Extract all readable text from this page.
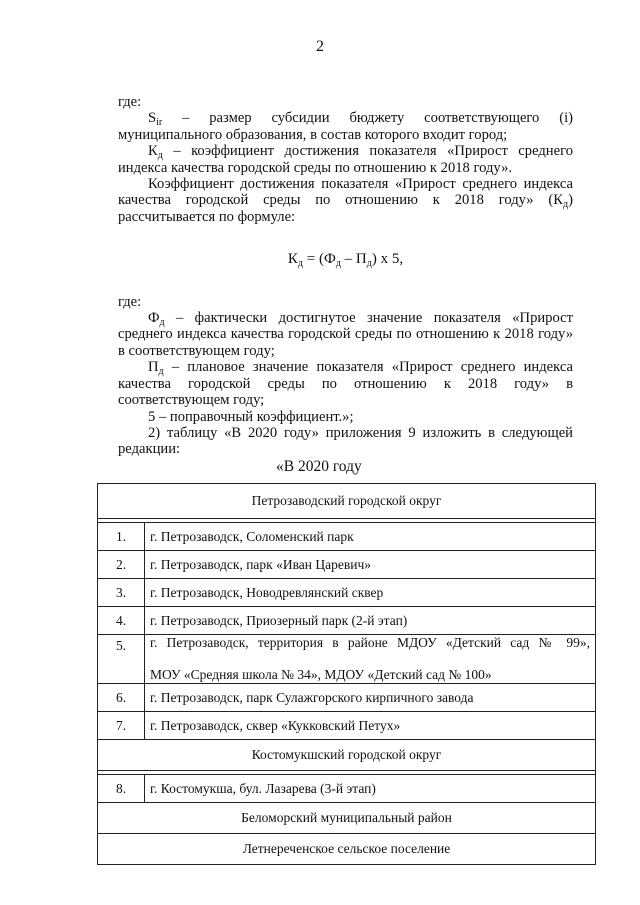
2

где:

$S_{ir}$ – размер субсидии бюджету соответствующего (i) муниципального образования, в состав которого входит город;

$К_д$ – коэффициент достижения показателя «Прирост среднего индекса качества городской среды по отношению к 2018 году».

Коэффициент достижения показателя «Прирост среднего индекса качества городской среды по отношению к 2018 году» $(К_д)$ рассчитывается по формуле:

$К_д = (Ф_д - П_д)$ х 5,

где:

$Ф_д$ – фактически достигнутое значение показателя «Прирост среднего индекса качества городской среды по отношению к 2018 году» в соответствующем году;

$П_д$ – плановое значение показателя «Прирост среднего индекса качества городской среды по отношению к 2018 году» в соответствующем году;

5 – поправочный коэффициент.»;

2) таблицу «В 2020 году» приложения 9 изложить в следующей редакции:

«В 2020 году
Петрозаводский городской округ	

1.	г. Петрозаводск, Соломенский парк
2.	г. Петрозаводск, парк «Иван Царевич»
3.	г. Петрозаводск, Новодревлянский сквер
4.	г. Петрозаводск, Приозерный парк (2-й этап)
5.	г. Петрозаводск, территория в районе МДОУ «Детский сад № 99»,
МОУ «Средняя школа № 34», МДОУ «Детский сад № 100»
6.	г. Петрозаводск, парк Сулажгорского кирпичного завода
7.	г. Петрозаводск, сквер «Кукковский Петух»
Костомукшский городской округ	

8.	г. Костомукша, бул. Лазарева (3-й этап)
Беломорский муниципальный район	
Летнереченское сельское поселение	
